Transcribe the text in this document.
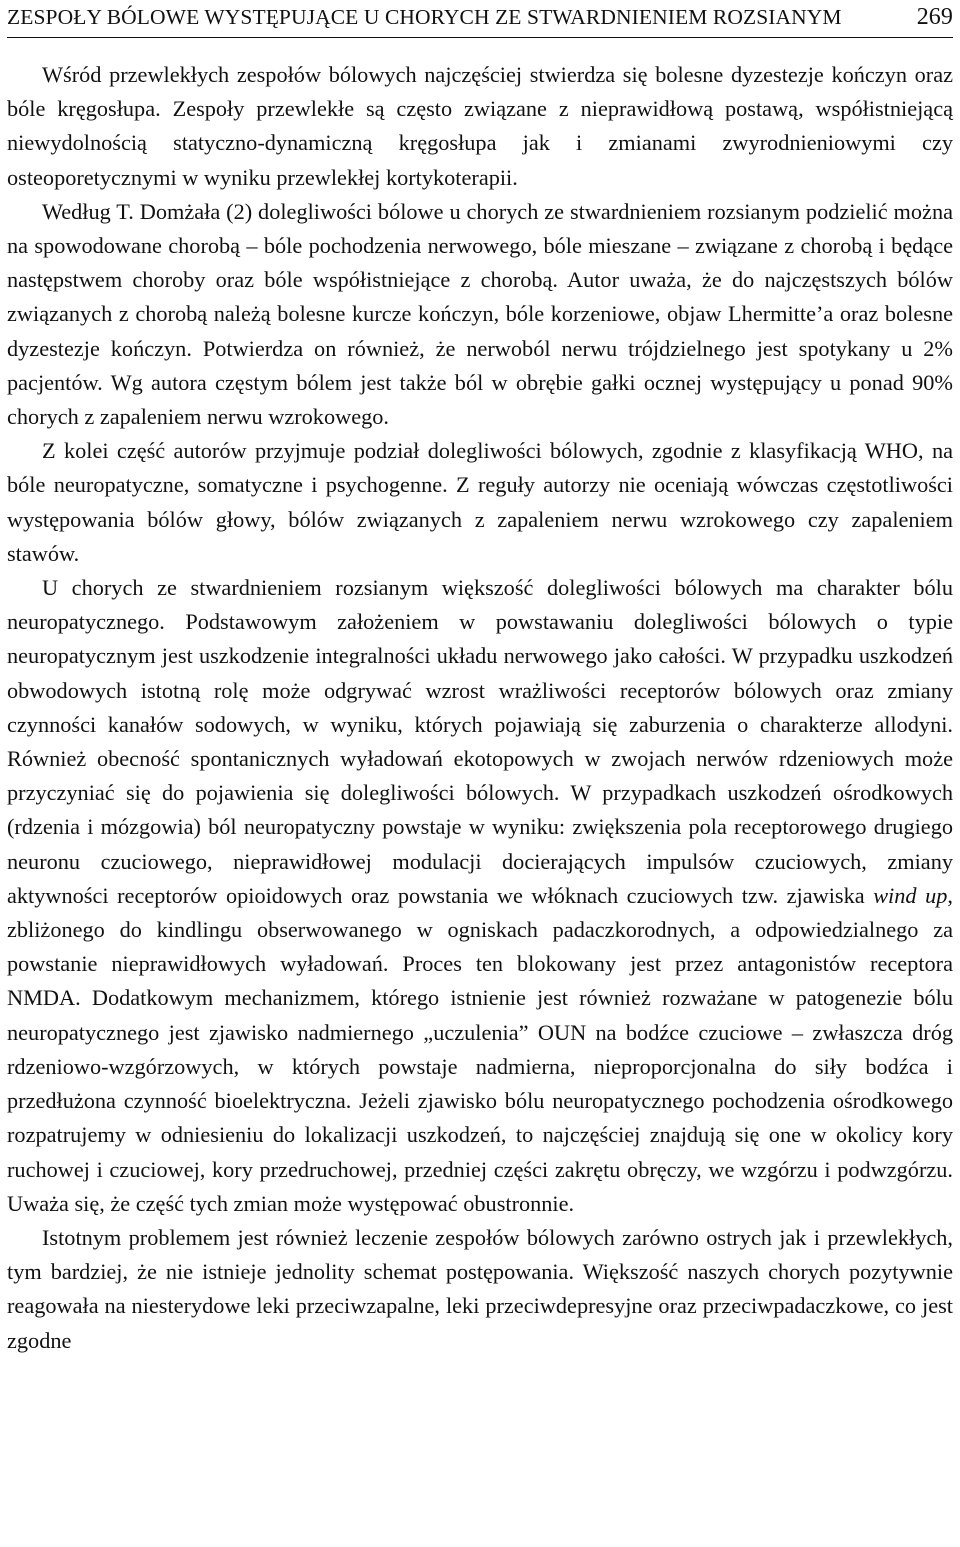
ZESPOŁY BÓLOWE WYSTĘPUJĄCE U CHORYCH ZE STWARDNIENIEM ROZSIANYM	269

Wśród przewlekłych zespołów bólowych najczęściej stwierdza się bolesne dyzestezje kończyn oraz bóle kręgosłupa. Zespoły przewlekłe są często związane z nieprawidłową postawą, współistniejącą niewydolnością statyczno-dynamiczną kręgosłupa jak i zmianami zwyrodnieniowymi czy osteoporetycznymi w wyniku przewlekłej kortykoterapii.

Według T. Domżała (2) dolegliwości bólowe u chorych ze stwardnieniem rozsianym podzielić można na spowodowane chorobą – bóle pochodzenia nerwowego, bóle mieszane – związane z chorobą i będące następstwem choroby oraz bóle współistniejące z chorobą. Autor uważa, że do najczęstszych bólów związanych z chorobą należą bolesne kurcze kończyn, bóle korzeniowe, objaw Lhermitte’a oraz bolesne dyzestezje kończyn. Potwierdza on również, że nerwoból nerwu trójdzielnego jest spotykany u 2% pacjentów. Wg autora częstym bólem jest także ból w obrębie gałki ocznej występujący u ponad 90% chorych z zapaleniem nerwu wzrokowego.

Z kolei część autorów przyjmuje podział dolegliwości bólowych, zgodnie z klasyfikacją WHO, na bóle neuropatyczne, somatyczne i psychogenne. Z reguły autorzy nie oceniają wówczas częstotliwości występowania bólów głowy, bólów związanych z zapaleniem nerwu wzrokowego czy zapaleniem stawów.

U chorych ze stwardnieniem rozsianym większość dolegliwości bólowych ma charakter bólu neuropatycznego. Podstawowym założeniem w powstawaniu dolegliwości bólowych o typie neuropatycznym jest uszkodzenie integralności układu nerwowego jako całości. W przypadku uszkodzeń obwodowych istotną rolę może odgrywać wzrost wrażliwości receptorów bólowych oraz zmiany czynności kanałów sodowych, w wyniku, których pojawiają się zaburzenia o charakterze allodyni. Również obecność spontanicznych wyładowań ekotopowych w zwojach nerwów rdzeniowych może przyczyniać się do pojawienia się dolegliwości bólowych. W przypadkach uszkodzeń ośrodkowych (rdzenia i mózgowia) ból neuropatyczny powstaje w wyniku: zwiększenia pola receptorowego drugiego neuronu czuciowego, nieprawidłowej modulacji docierających impulsów czuciowych, zmiany aktywności receptorów opioidowych oraz powstania we włóknach czuciowych tzw. zjawiska wind up, zbliżonego do kindlingu obserwowanego w ogniskach padaczkorodnych, a odpowiedzialnego za powstanie nieprawidłowych wyładowań. Proces ten blokowany jest przez antagonistów receptora NMDA. Dodatkowym mechanizmem, którego istnienie jest również rozważane w patogenezie bólu neuropatycznego jest zjawisko nadmiernego „uczulenia” OUN na bodźce czuciowe – zwłaszcza dróg rdzeniowo-wzgórzowych, w których powstaje nadmierna, nieproporcjonalna do siły bodźca i przedłużona czynność bioelektryczna. Jeżeli zjawisko bólu neuropatycznego pochodzenia ośrodkowego rozpatrujemy w odniesieniu do lokalizacji uszkodzeń, to najczęściej znajdują się one w okolicy kory ruchowej i czuciowej, kory przedruchowej, przedniej części zakrętu obręczy, we wzgórzu i podwzgórzu. Uważa się, że część tych zmian może występować obustronnie.

Istotnym problemem jest również leczenie zespołów bólowych zarówno ostrych jak i przewlekłych, tym bardziej, że nie istnieje jednolity schemat postępowania. Większość naszych chorych pozytywnie reagowała na niesterydowe leki przeciwzapalne, leki przeciwdepresyjne oraz przeciwpadaczkowe, co jest zgodne
